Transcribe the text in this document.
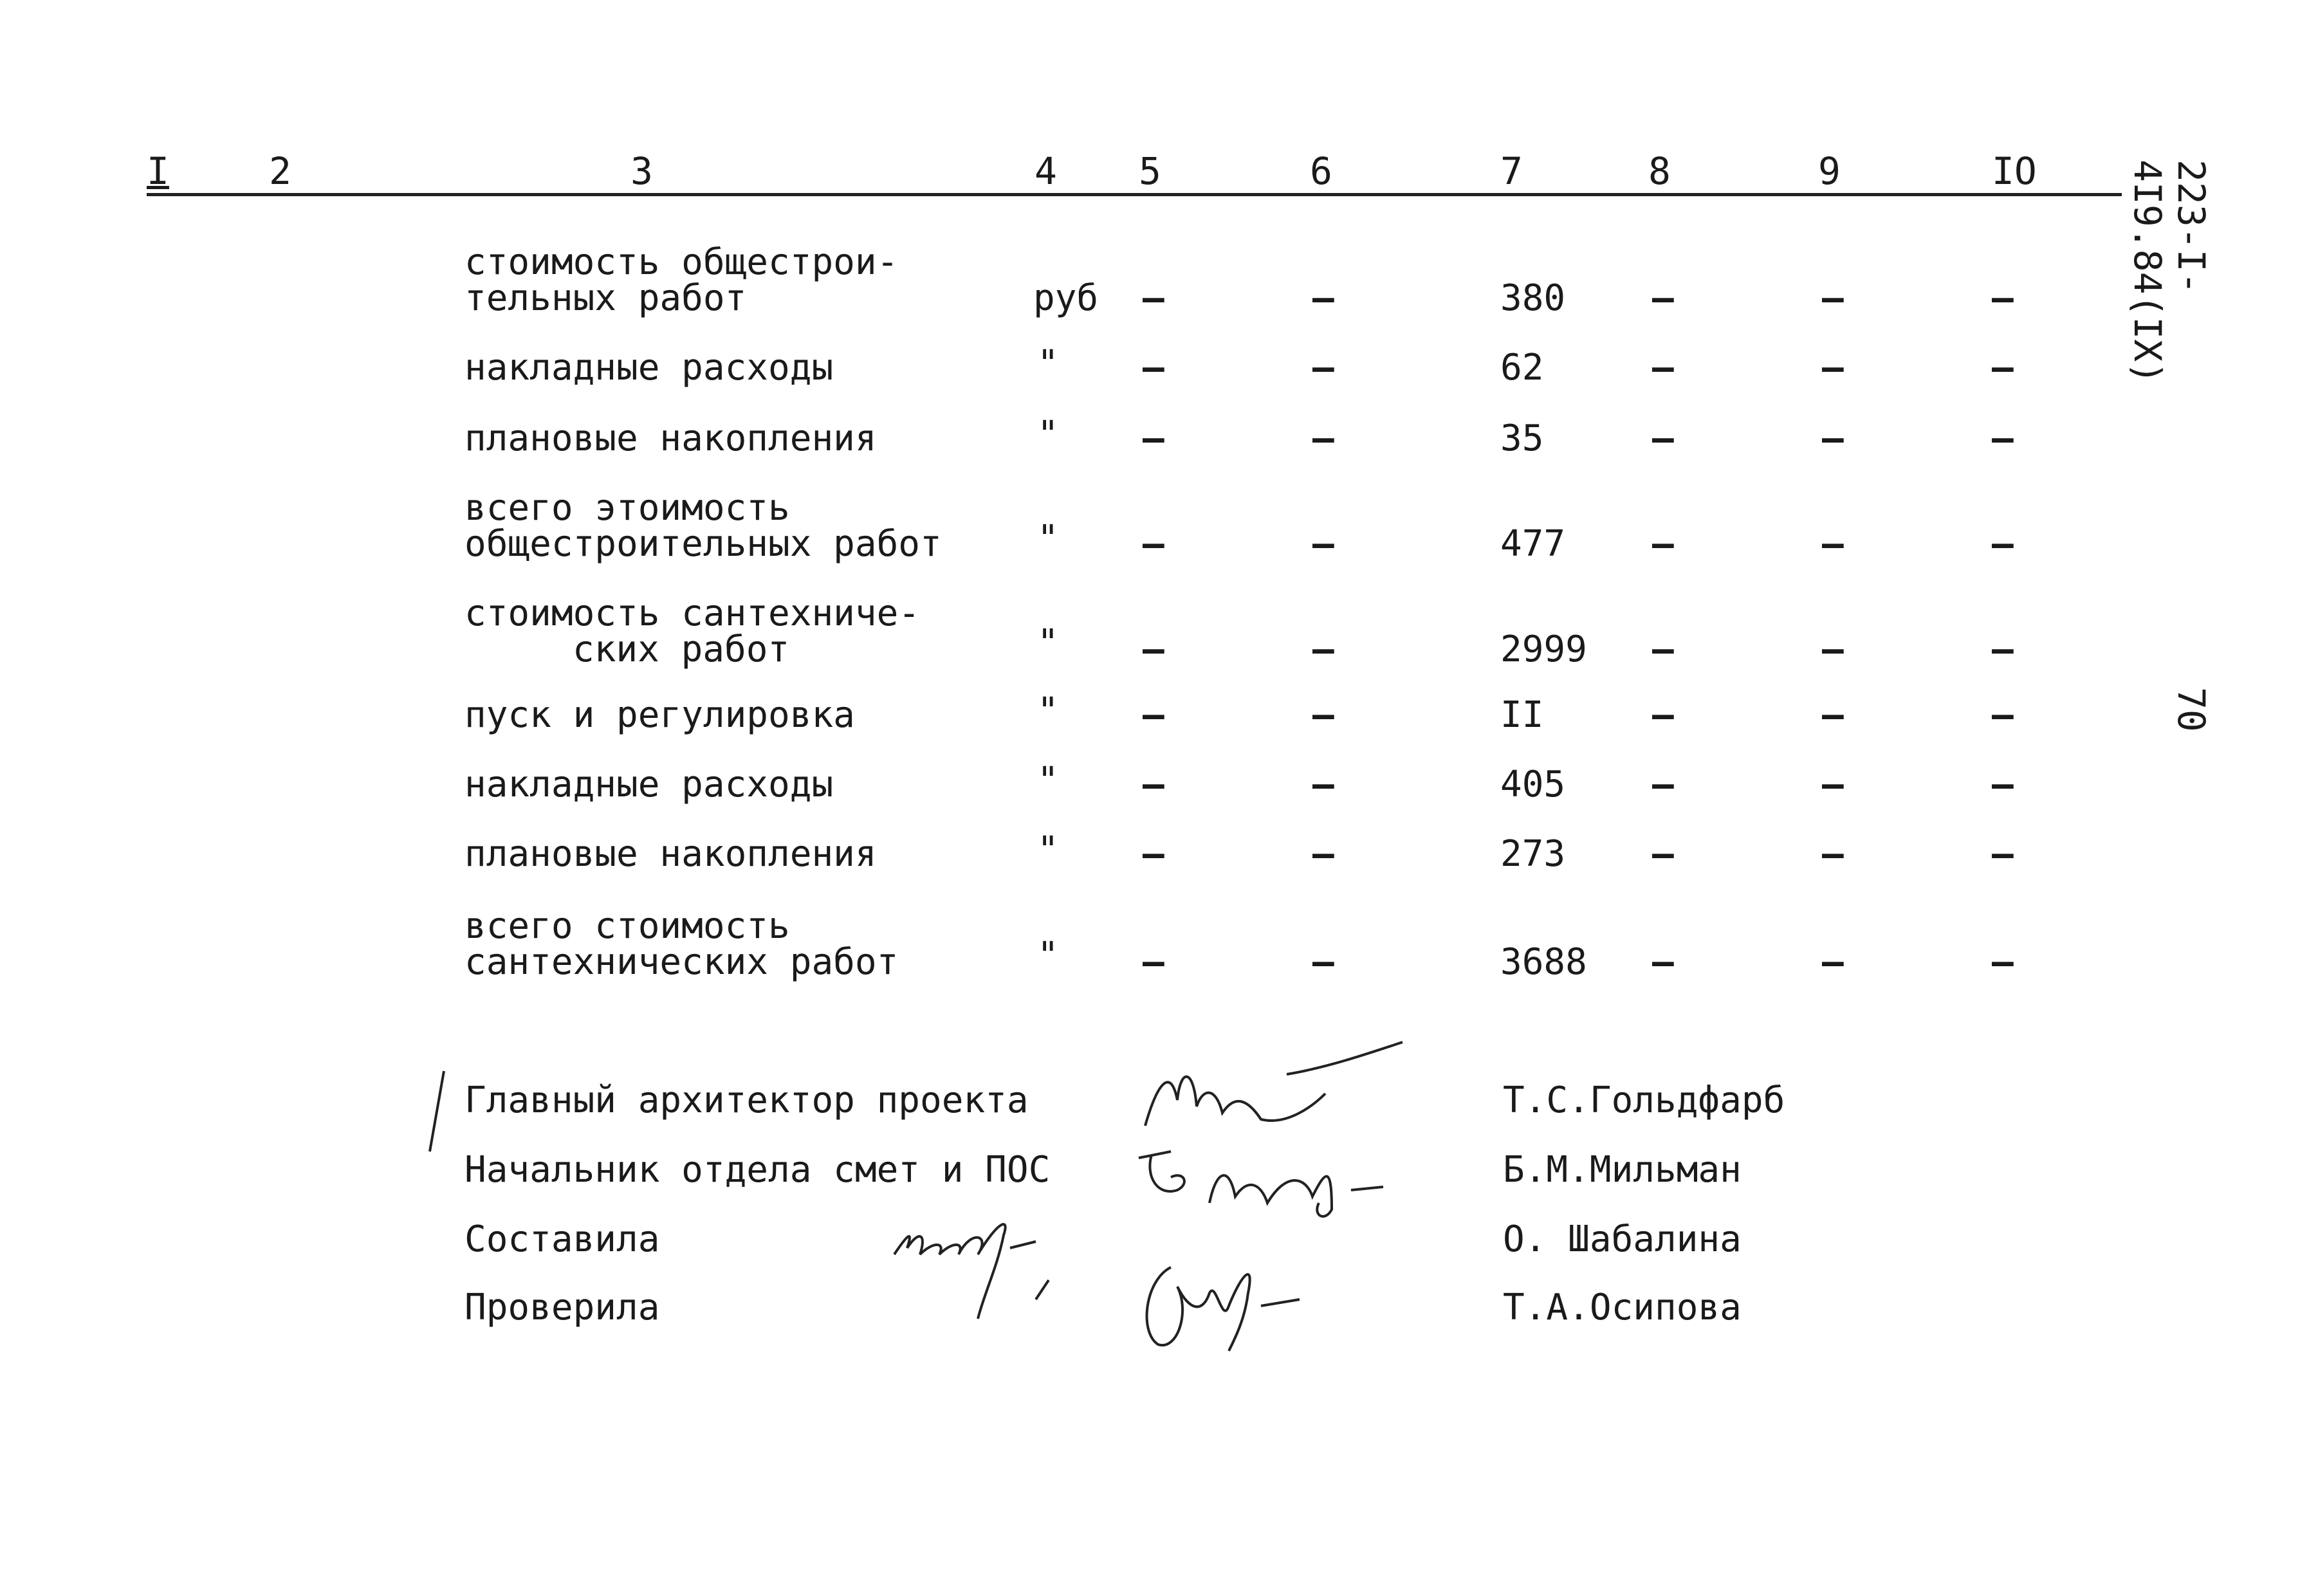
I	2	3	4 5	6	7	8	9	IO	223-I-4I9.84(IX)
70
стоимость общестрои-
тельных работ	руб –	–	380 –	–	–
накладные расходы	" –	–	62	–	–	–
плановые накопления	" –	–	35	–	–	–
всего этоимость
общестроительных работ	" –	–	477 –	–	–
стоимость сантехниче-
ских работ	" –	–	2999 –	–	–
пуск и регулировка	" –	–	II	–	–	–
накладные расходы	" –	–	405 –	–	–
плановые накопления	" –	–	273 –	–	–
всего стоимость
сантехнических работ	" –	–	3688 –	–	–
Главный архитектор проекта	Т.С.Гольдфарб
Начальник отдела смет и ПОС	Б.М.Мильман
Составила	О. Шабалина
Проверила	Т.А.Осипова
